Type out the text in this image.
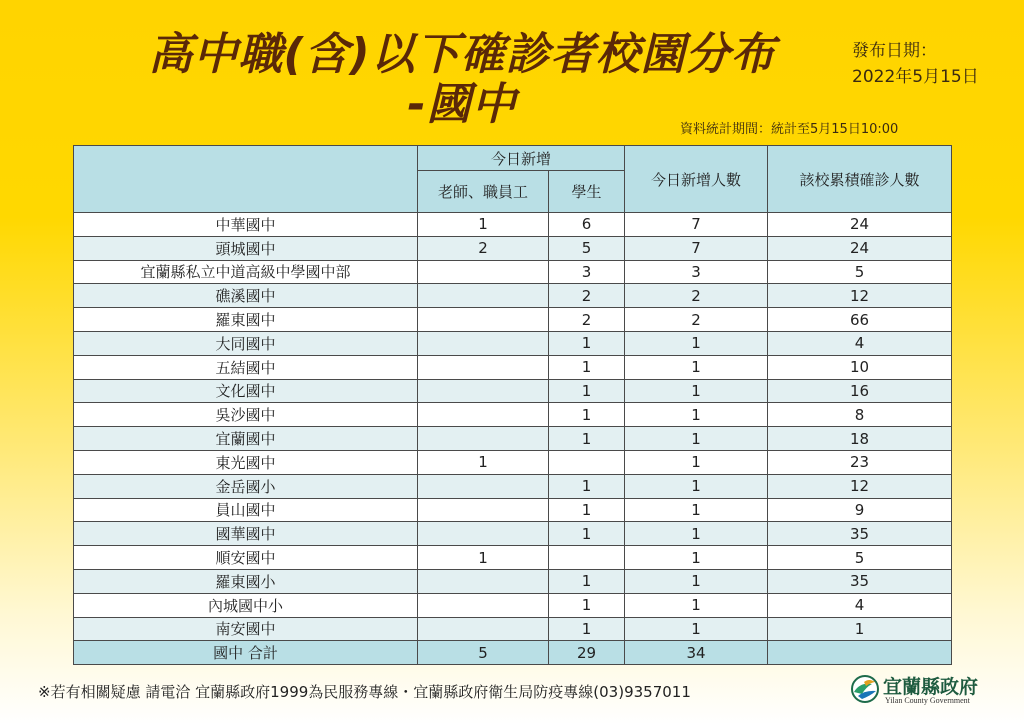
高中職(含)以下確診者校園分布
-國中
發布日期：
2022年5月15日
資料統計期間：統計至5月15日10:00
	今日新增		今日新增人數	該校累積確診人數
	老師、職員工	學生		
中華國中	1	6	7	24
頭城國中	2	5	7	24
宜蘭縣私立中道高級中學國中部		3	3	5
礁溪國中		2	2	12
羅東國中		2	2	66
大同國中		1	1	4
五結國中		1	1	10
文化國中		1	1	16
吳沙國中		1	1	8
宜蘭國中		1	1	18
東光國中	1		1	23
金岳國小		1	1	12
員山國中		1	1	9
國華國中		1	1	35
順安國中	1		1	5
羅東國小		1	1	35
內城國中小		1	1	4
南安國中		1	1	1
國中 合計	5	29	34	
※若有相關疑慮 請電洽 宜蘭縣政府1999為民服務專線・宜蘭縣政府衛生局防疫專線(03)9357011	宜蘭縣政府
Yilan County Government
